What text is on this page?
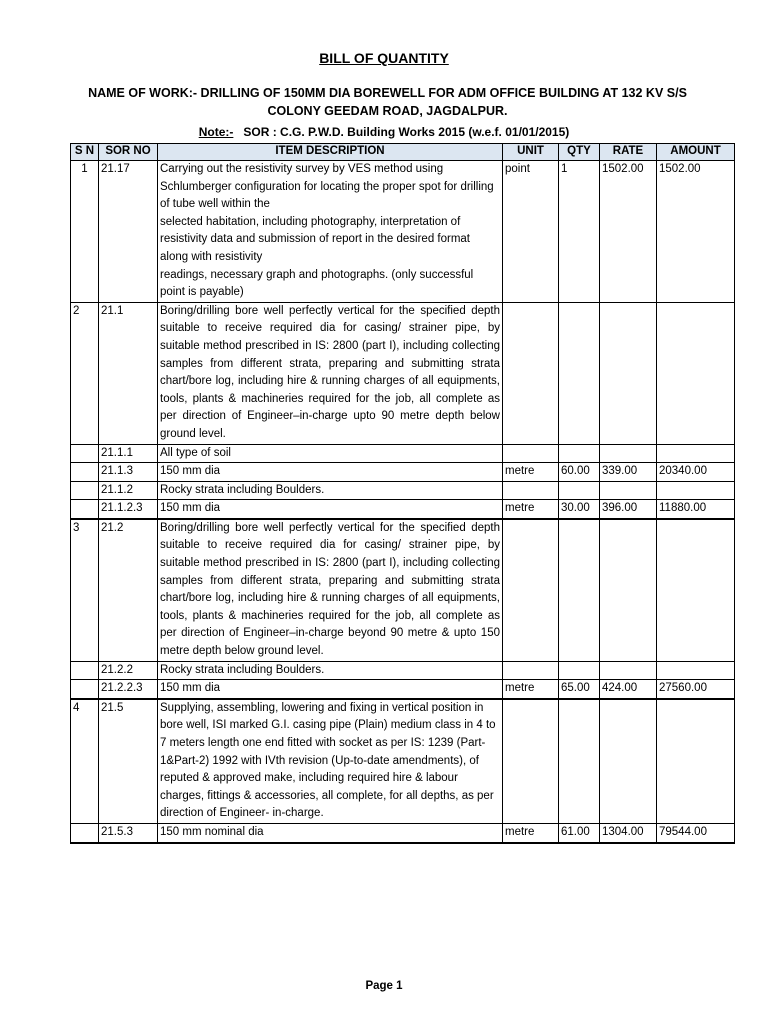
BILL OF QUANTITY
NAME OF WORK:- DRILLING OF 150MM DIA BOREWELL FOR ADM OFFICE BUILDING AT 132 KV S/S
COLONY GEEDAM ROAD, JAGDALPUR.
Note:- SOR : C.G. P.W.D. Building Works 2015 (w.e.f. 01/01/2015)
S N	SOR NO	ITEM DESCRIPTION	UNIT	QTY	RATE	AMOUNT
1	21.17	Carrying out the resistivity survey by VES method using Schlumberger configuration for locating the proper spot for drilling of tube well within the
selected habitation, including photography, interpretation of resistivity data and submission of report in the desired format along with resistivity
readings, necessary graph and photographs. (only successful point is payable)	point	1	1502.00	1502.00
2	21.1	Boring/drilling bore well perfectly vertical for the specified depth suitable to receive required dia for casing/ strainer pipe, by suitable method prescribed in IS: 2800 (part I), including collecting samples from different strata, preparing and submitting strata chart/bore log, including hire & running charges of all equipments, tools, plants & machineries required for the job, all complete as per direction of Engineer–in-charge upto 90 metre depth below ground level.				
	21.1.1	All type of soil				
	21.1.3	150 mm dia	metre	60.00	339.00	20340.00
	21.1.2	Rocky strata including Boulders.				
	21.1.2.3	150 mm dia	metre	30.00	396.00	11880.00
3	21.2	Boring/drilling bore well perfectly vertical for the specified depth suitable to receive required dia for casing/ strainer pipe, by suitable method prescribed in IS: 2800 (part I), including collecting samples from different strata, preparing and submitting strata chart/bore log, including hire & running charges of all equipments, tools, plants & machineries required for the job, all complete as per direction of Engineer–in-charge beyond 90 metre & upto 150 metre depth below ground level.				
	21.2.2	Rocky strata including Boulders.				
	21.2.2.3	150 mm dia	metre	65.00	424.00	27560.00
4	21.5	Supplying, assembling, lowering and fixing in vertical position in bore well, ISI marked G.I. casing pipe (Plain) medium class in 4 to 7 meters length one end fitted with socket as per IS: 1239 (Part-1&Part-2) 1992 with IVth revision (Up-to-date amendments), of reputed & approved make, including required hire & labour charges, fittings & accessories, all complete, for all depths, as per direction of Engineer- in-charge.				
	21.5.3	150 mm nominal dia	metre	61.00	1304.00	79544.00
Page 1
